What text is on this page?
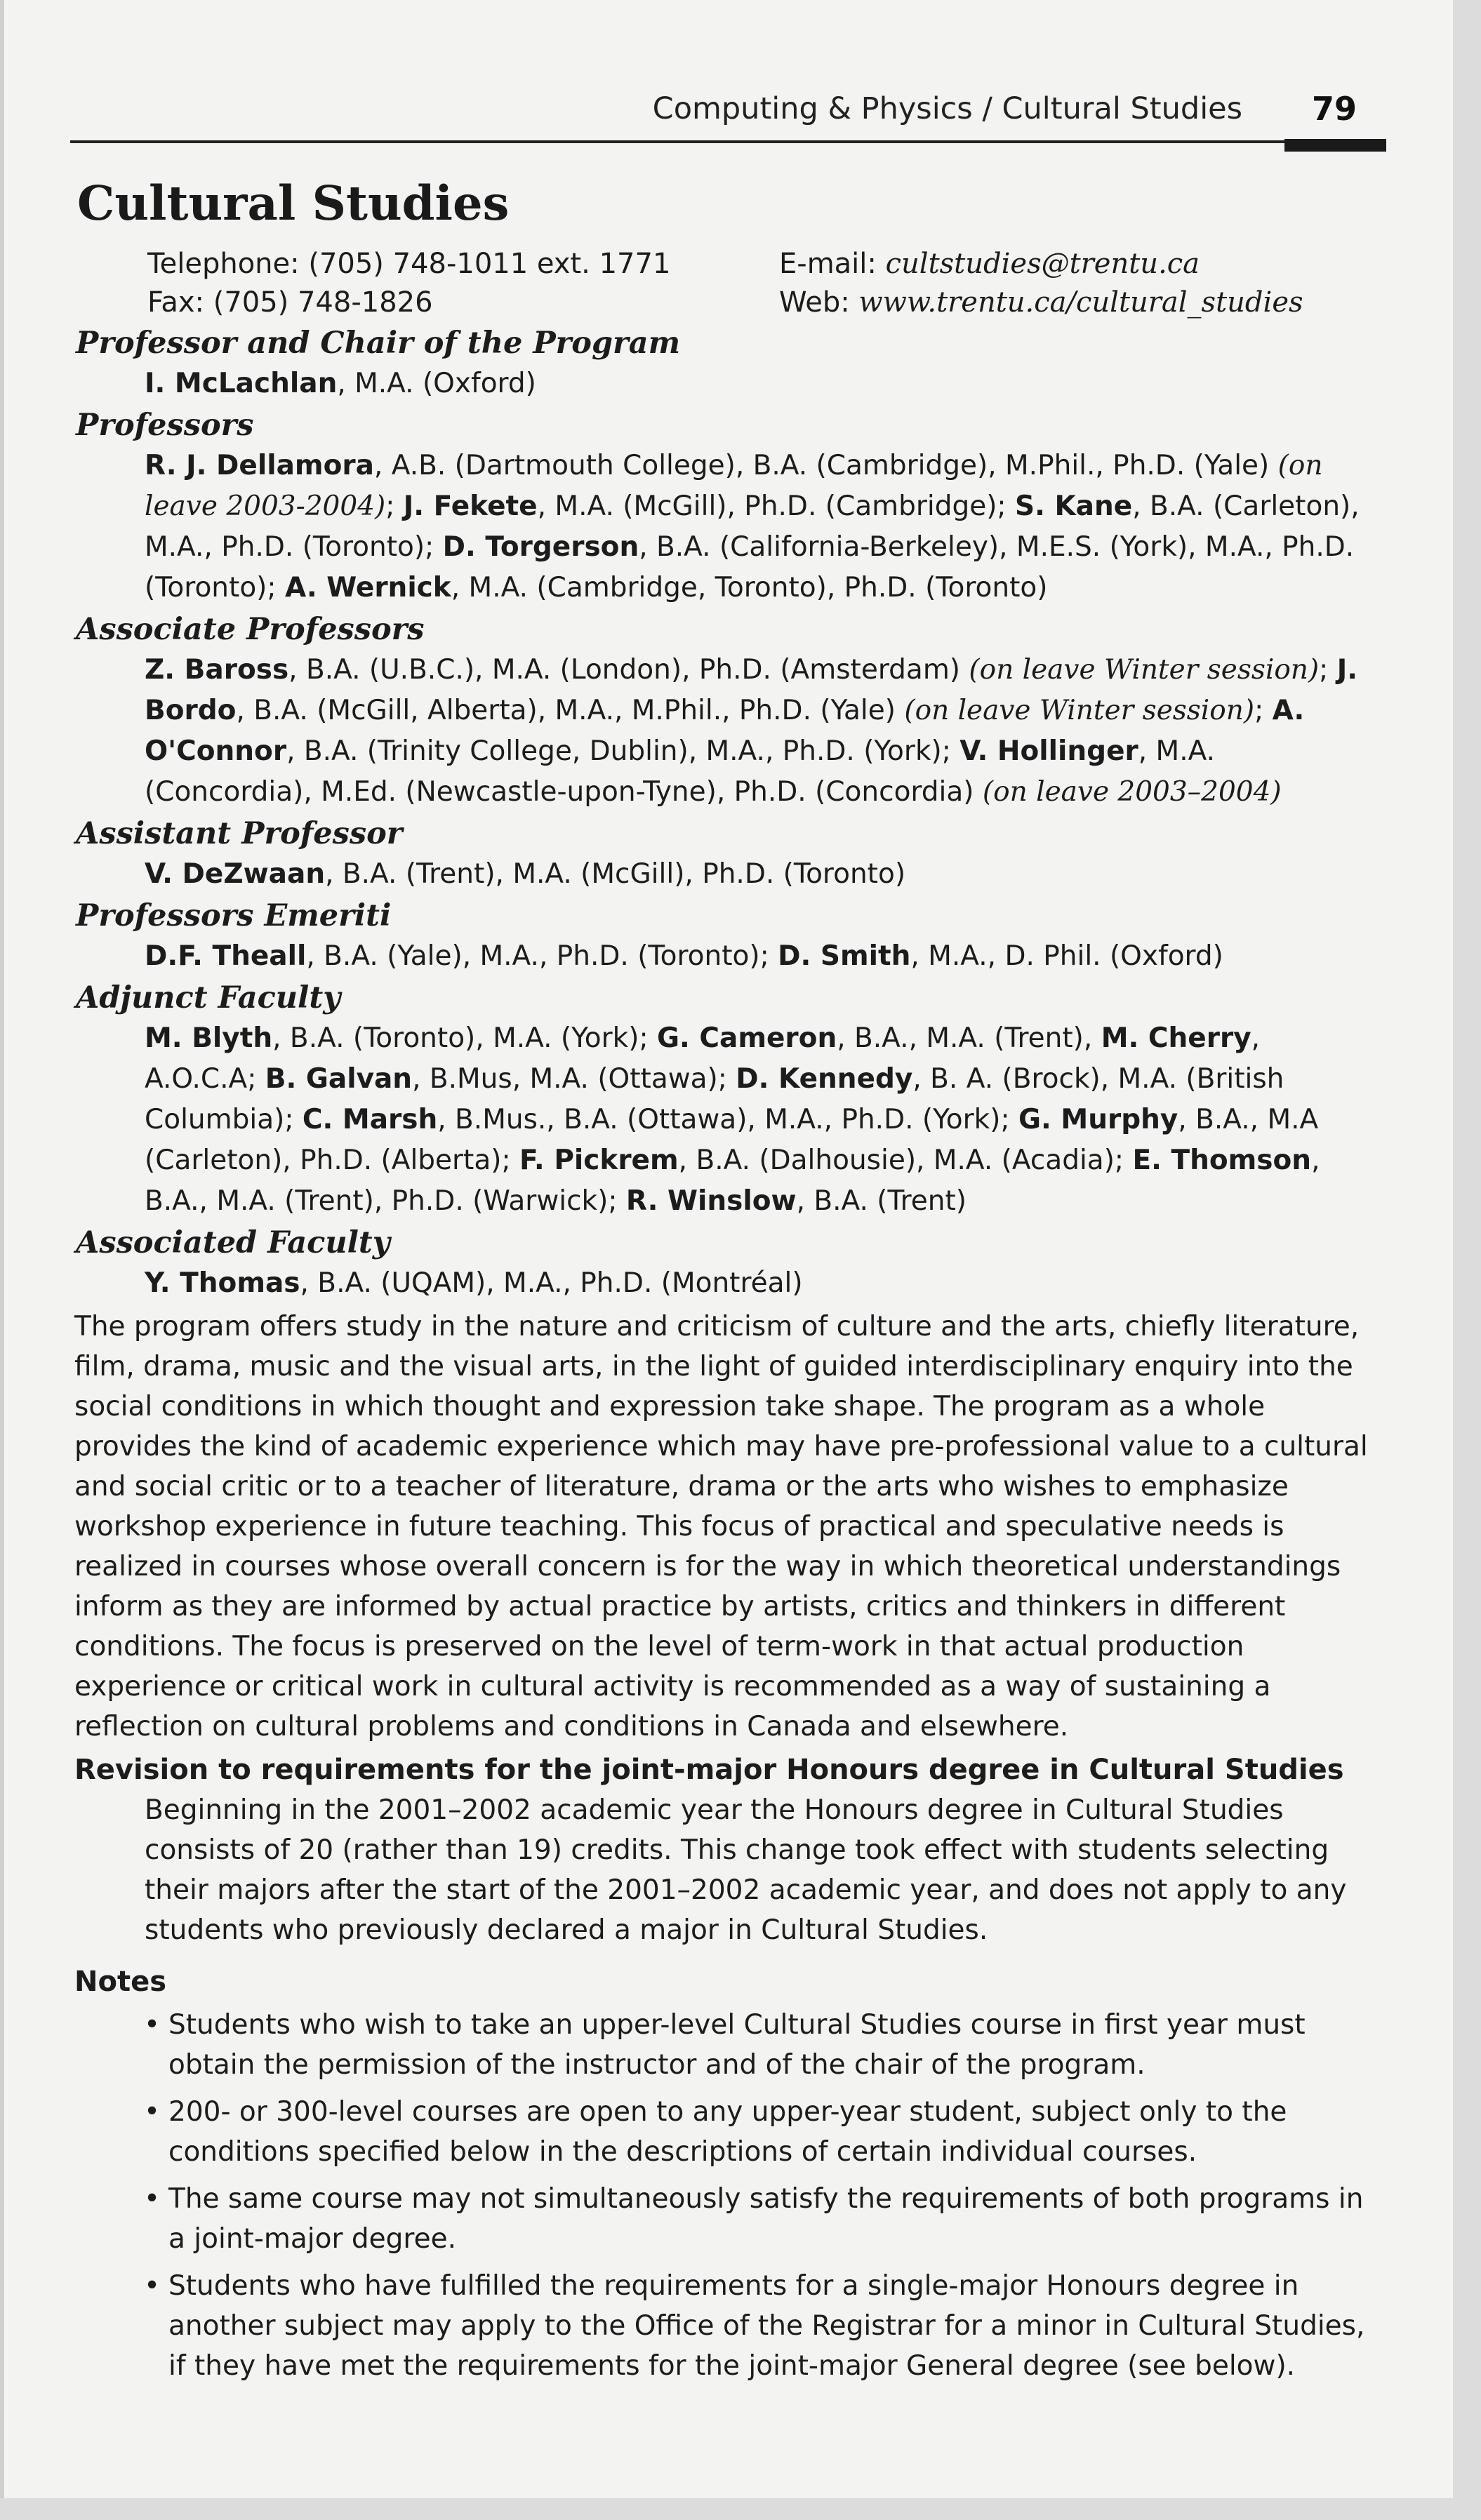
Computing & Physics / Cultural Studies 79
Cultural Studies
Telephone: (705) 748-1011 ext. 1771
Fax: (705) 748-1826
E-mail: cultstudies@trentu.ca
Web: www.trentu.ca/cultural_studies
Professor and Chair of the Program
I. McLachlan, M.A. (Oxford)
Professors
R. J. Dellamora, A.B. (Dartmouth College), B.A. (Cambridge), M.Phil., Ph.D. (Yale) (on leave 2003-2004); J. Fekete, M.A. (McGill), Ph.D. (Cambridge); S. Kane, B.A. (Carleton), M.A., Ph.D. (Toronto); D. Torgerson, B.A. (California-Berkeley), M.E.S. (York), M.A., Ph.D. (Toronto); A. Wernick, M.A. (Cambridge, Toronto), Ph.D. (Toronto)
Associate Professors
Z. Baross, B.A. (U.B.C.), M.A. (London), Ph.D. (Amsterdam) (on leave Winter session); J. Bordo, B.A. (McGill, Alberta), M.A., M.Phil., Ph.D. (Yale) (on leave Winter session); A. O'Connor, B.A. (Trinity College, Dublin), M.A., Ph.D. (York); V. Hollinger, M.A. (Concordia), M.Ed. (Newcastle-upon-Tyne), Ph.D. (Concordia) (on leave 2003–2004)
Assistant Professor
V. DeZwaan, B.A. (Trent), M.A. (McGill), Ph.D. (Toronto)
Professors Emeriti
D.F. Theall, B.A. (Yale), M.A., Ph.D. (Toronto); D. Smith, M.A., D. Phil. (Oxford)
Adjunct Faculty
M. Blyth, B.A. (Toronto), M.A. (York); G. Cameron, B.A., M.A. (Trent), M. Cherry, A.O.C.A; B. Galvan, B.Mus, M.A. (Ottawa); D. Kennedy, B. A. (Brock), M.A. (British Columbia); C. Marsh, B.Mus., B.A. (Ottawa), M.A., Ph.D. (York); G. Murphy, B.A., M.A (Carleton), Ph.D. (Alberta); F. Pickrem, B.A. (Dalhousie), M.A. (Acadia); E. Thomson, B.A., M.A. (Trent), Ph.D. (Warwick); R. Winslow, B.A. (Trent)
Associated Faculty
Y. Thomas, B.A. (UQAM), M.A., Ph.D. (Montréal)

The program offers study in the nature and criticism of culture and the arts, chiefly literature, film, drama, music and the visual arts, in the light of guided interdisciplinary enquiry into the social conditions in which thought and expression take shape. The program as a whole provides the kind of academic experience which may have pre-professional value to a cultural and social critic or to a teacher of literature, drama or the arts who wishes to emphasize workshop experience in future teaching. This focus of practical and speculative needs is realized in courses whose overall concern is for the way in which theoretical understandings inform as they are informed by actual practice by artists, critics and thinkers in different conditions. The focus is preserved on the level of term-work in that actual production experience or critical work in cultural activity is recommended as a way of sustaining a reflection on cultural problems and conditions in Canada and elsewhere.

Revision to requirements for the joint-major Honours degree in Cultural Studies

Beginning in the 2001–2002 academic year the Honours degree in Cultural Studies consists of 20 (rather than 19) credits. This change took effect with students selecting their majors after the start of the 2001–2002 academic year, and does not apply to any students who previously declared a major in Cultural Studies.

Notes
• Students who wish to take an upper-level Cultural Studies course in first year must obtain the permission of the instructor and of the chair of the program.
• 200- or 300-level courses are open to any upper-year student, subject only to the conditions specified below in the descriptions of certain individual courses.
• The same course may not simultaneously satisfy the requirements of both programs in a joint-major degree.
• Students who have fulfilled the requirements for a single-major Honours degree in another subject may apply to the Office of the Registrar for a minor in Cultural Studies, if they have met the requirements for the joint-major General degree (see below).
